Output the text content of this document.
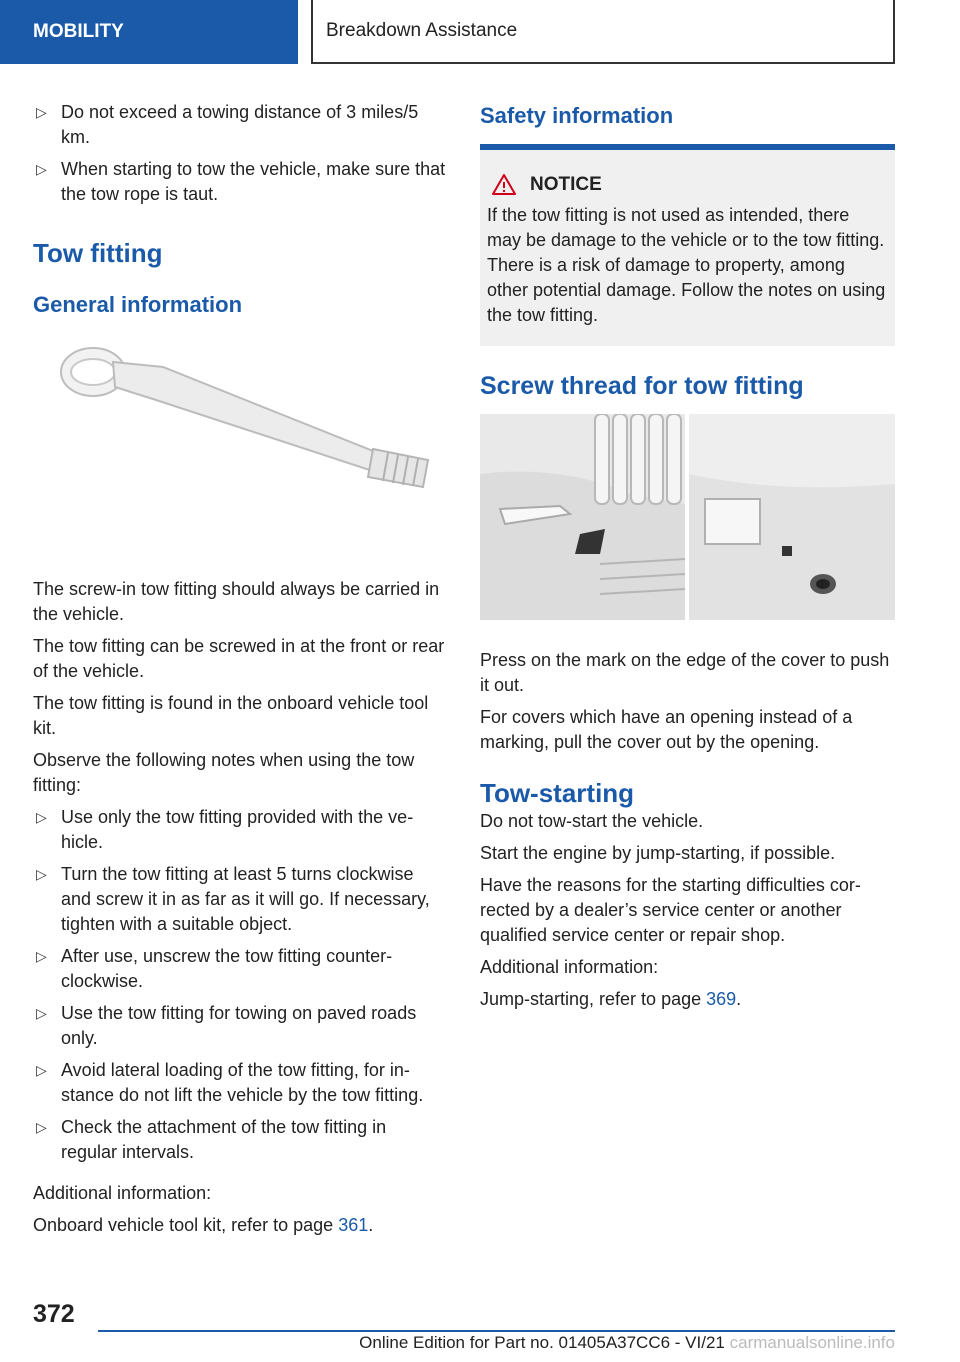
MOBILITY	Breakdown Assistance
▷ Do not exceed a towing distance of 3 miles/5 km.
▷ When starting to tow the vehicle, make sure that the tow rope is taut.
Tow fitting
General information

The screw-in tow fitting should always be carried in the vehicle.

The tow fitting can be screwed in at the front or rear of the vehicle.

The tow fitting is found in the onboard vehicle tool kit.

Observe the following notes when using the tow fitting:

▷ Use only the tow fitting provided with the vehicle.
▷ Turn the tow fitting at least 5 turns clockwise and screw it in as far as it will go. If necessary, tighten with a suitable object.
▷ After use, unscrew the tow fitting counter-clockwise.
▷ Use the tow fitting for towing on paved roads only.
▷ Avoid lateral loading of the tow fitting, for instance do not lift the vehicle by the tow fitting.
▷ Check the attachment of the tow fitting in regular intervals.

Additional information:

Onboard vehicle tool kit, refer to page 361.

Safety information
NOTICE
If the tow fitting is not used as intended, there may be damage to the vehicle or to the tow fitting. There is a risk of damage to property, among other potential damage. Follow the notes on using the tow fitting.
Screw thread for tow fitting

Press on the mark on the edge of the cover to push it out.

For covers which have an opening instead of a marking, pull the cover out by the opening.

Tow-starting

Do not tow-start the vehicle.

Start the engine by jump-starting, if possible.

Have the reasons for the starting difficulties corrected by a dealer’s service center or another qualified service center or repair shop.

Additional information:

Jump-starting, refer to page 369.

372
Online Edition for Part no. 01405A37CC6 - VI/21 carmanualsonline.info
